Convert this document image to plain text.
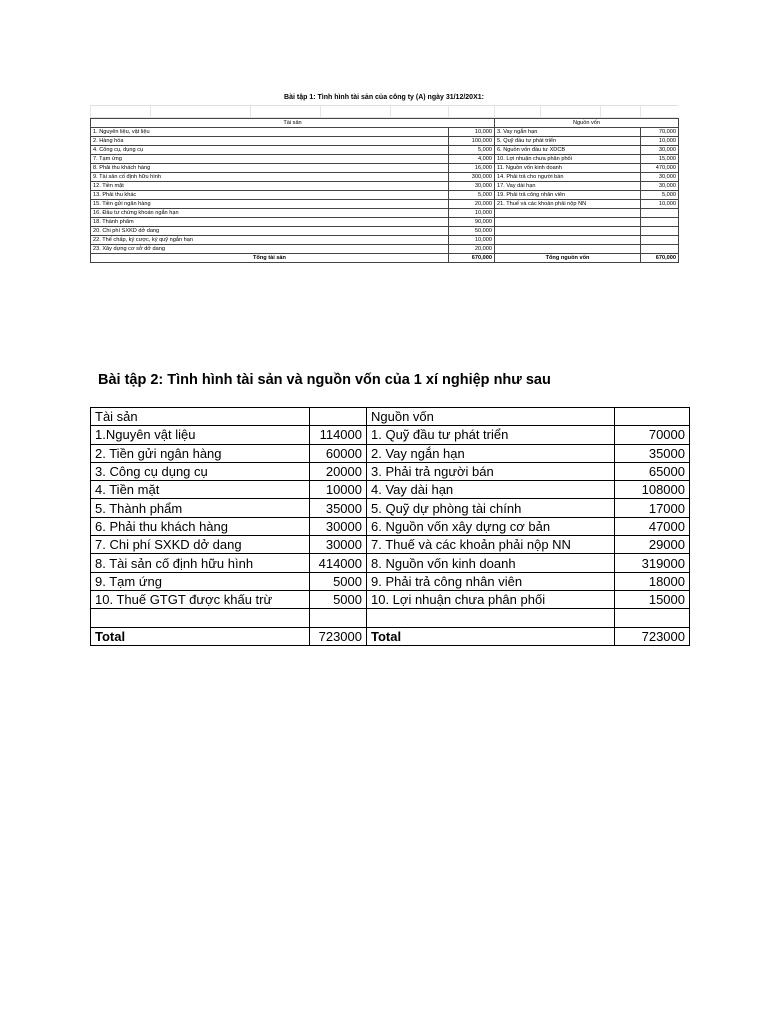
Bài tập 1: Tình hình tài sản của công ty (A) ngày 31/12/20X1:
Tài sản		Nguồn vốn	
1. Nguyên liệu, vật liệu	10,000	3. Vay ngắn hạn	70,000
2. Hàng hóa	100,000	5. Quỹ đầu tư phát triển	10,000
4. Công cụ, dụng cụ	5,000	6. Nguồn vốn đầu tư XDCB	30,000
7. Tạm ứng	4,000	10. Lợi nhuận chưa phân phối	15,000
8. Phải thu khách hàng	16,000	11. Nguồn vốn kinh doanh	470,000
9. Tài sản cố định hữu hình	300,000	14. Phải trả cho người bán	30,000
12. Tiền mặt	30,000	17. Vay dài hạn	30,000
13. Phải thu khác	5,000	19. Phải trả công nhân viên	5,000
15. Tiền gửi ngân hàng	20,000	21. Thuế và các khoản phải nộp NN	10,000
16. Đầu tư chứng khoán ngắn hạn	10,000		
18. Thành phẩm	90,000		
20. Chi phí SXKD dở dang	50,000		
22. Thế chấp, ký cược, ký quỹ ngắn hạn	10,000		
23. Xây dựng cơ sở dở dang	20,000		
Tổng tài sản	670,000	Tổng nguồn vốn	670,000
Bài tập 2: Tình hình tài sản và nguồn vốn của 1 xí nghiệp như sau
Tài sản		Nguồn vốn	
1.Nguyên vật liệu	114000	1. Quỹ đầu tư phát triển	70000
2. Tiền gửi ngân hàng	60000	2. Vay ngắn hạn	35000
3. Công cụ dụng cụ	20000	3. Phải trả người bán	65000
4. Tiền mặt	10000	4. Vay dài hạn	108000
5. Thành phẩm	35000	5. Quỹ dự phòng tài chính	17000
6. Phải thu khách hàng	30000	6. Nguồn vốn xây dựng cơ bản	47000
7. Chi phí SXKD dở dang	30000	7. Thuế và các khoản phải nộp NN	29000
8. Tài sản cố định hữu hình	414000	8. Nguồn vốn kinh doanh	319000
9. Tạm ứng	5000	9. Phải trả công nhân viên	18000
10. Thuế GTGT được khấu trừ	5000	10. Lợi nhuận chưa phân phối	15000

Total	723000	Total	723000
